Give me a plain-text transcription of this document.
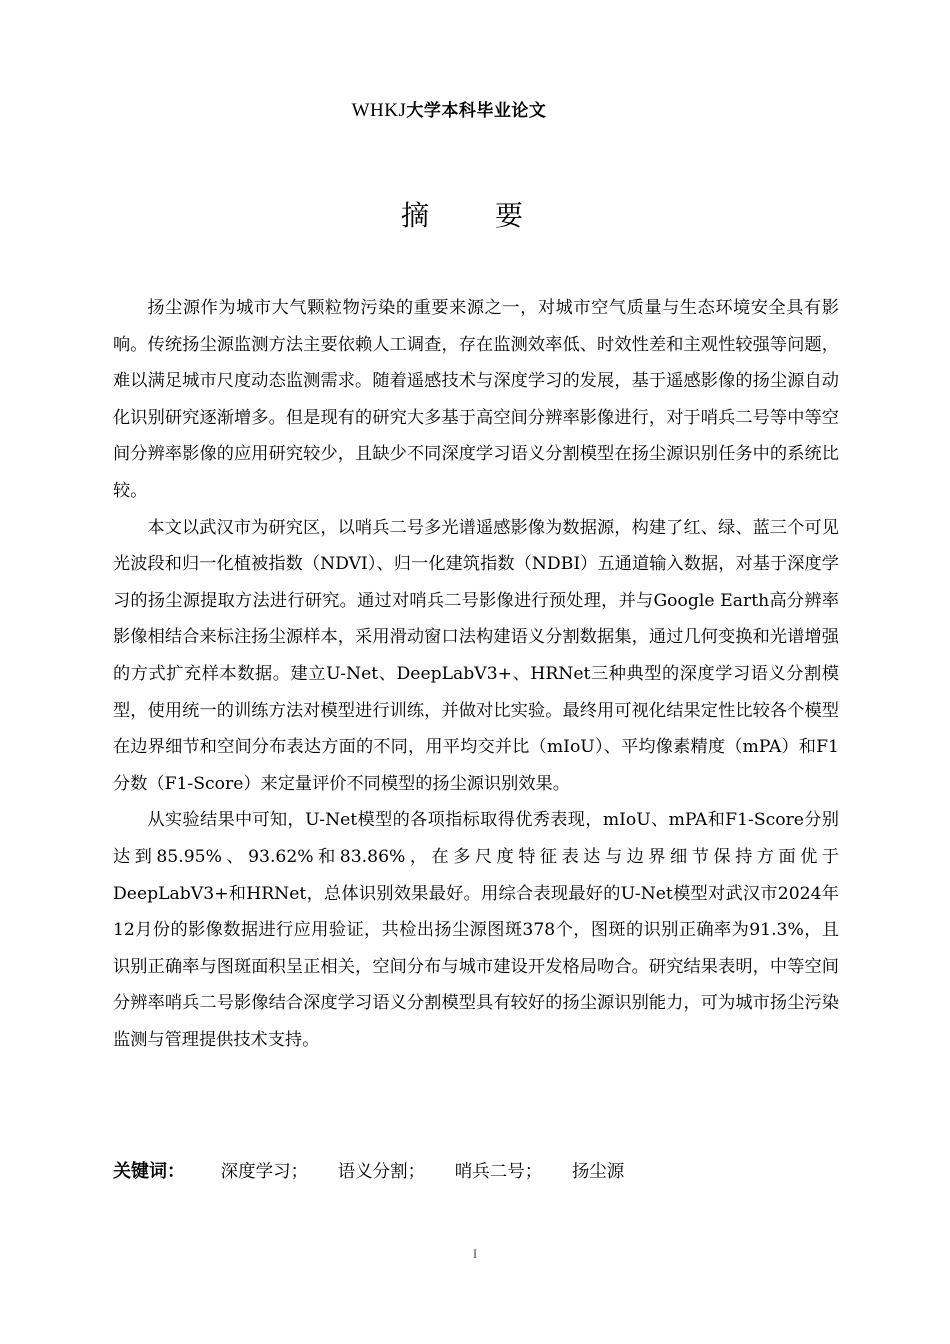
WHKJ大学本科毕业论文
摘要

扬尘源作为城市大气颗粒物污染的重要来源之一，对城市空气质量与生态环境安全具有影响。传统扬尘源监测方法主要依赖人工调查，存在监测效率低、时效性差和主观性较强等问题，难以满足城市尺度动态监测需求。随着遥感技术与深度学习的发展，基于遥感影像的扬尘源自动化识别研究逐渐增多。但是现有的研究大多基于高空间分辨率影像进行，对于哨兵二号等中等空间分辨率影像的应用研究较少，且缺少不同深度学习语义分割模型在扬尘源识别任务中的系统比较。

本文以武汉市为研究区，以哨兵二号多光谱遥感影像为数据源，构建了红、绿、蓝三个可见光波段和归一化植被指数（NDVI）、归一化建筑指数（NDBI）五通道输入数据，对基于深度学习的扬尘源提取方法进行研究。通过对哨兵二号影像进行预处理，并与Google Earth高分辨率影像相结合来标注扬尘源样本，采用滑动窗口法构建语义分割数据集，通过几何变换和光谱增强的方式扩充样本数据。建立U-Net、DeepLabV3+、HRNet三种典型的深度学习语义分割模型，使用统一的训练方法对模型进行训练，并做对比实验。最终用可视化结果定性比较各个模型在边界细节和空间分布表达方面的不同，用平均交并比（mIoU）、平均像素精度（mPA）和F1分数（F1-Score）来定量评价不同模型的扬尘源识别效果。

从实验结果中可知，U-Net模型的各项指标取得优秀表现，mIoU、mPA和F1-Score分别达到85.95%、93.62%和83.86%，在多尺度特征表达与边界细节保持方面优于DeepLabV3+和HRNet，总体识别效果最好。用综合表现最好的U-Net模型对武汉市2024年12月份的影像数据进行应用验证，共检出扬尘源图斑378个，图斑的识别正确率为91.3%，且识别正确率与图斑面积呈正相关，空间分布与城市建设开发格局吻合。研究结果表明，中等空间分辨率哨兵二号影像结合深度学习语义分割模型具有较好的扬尘源识别能力，可为城市扬尘污染监测与管理提供技术支持。

关键词： 深度学习； 语义分割； 哨兵二号； 扬尘源
I
